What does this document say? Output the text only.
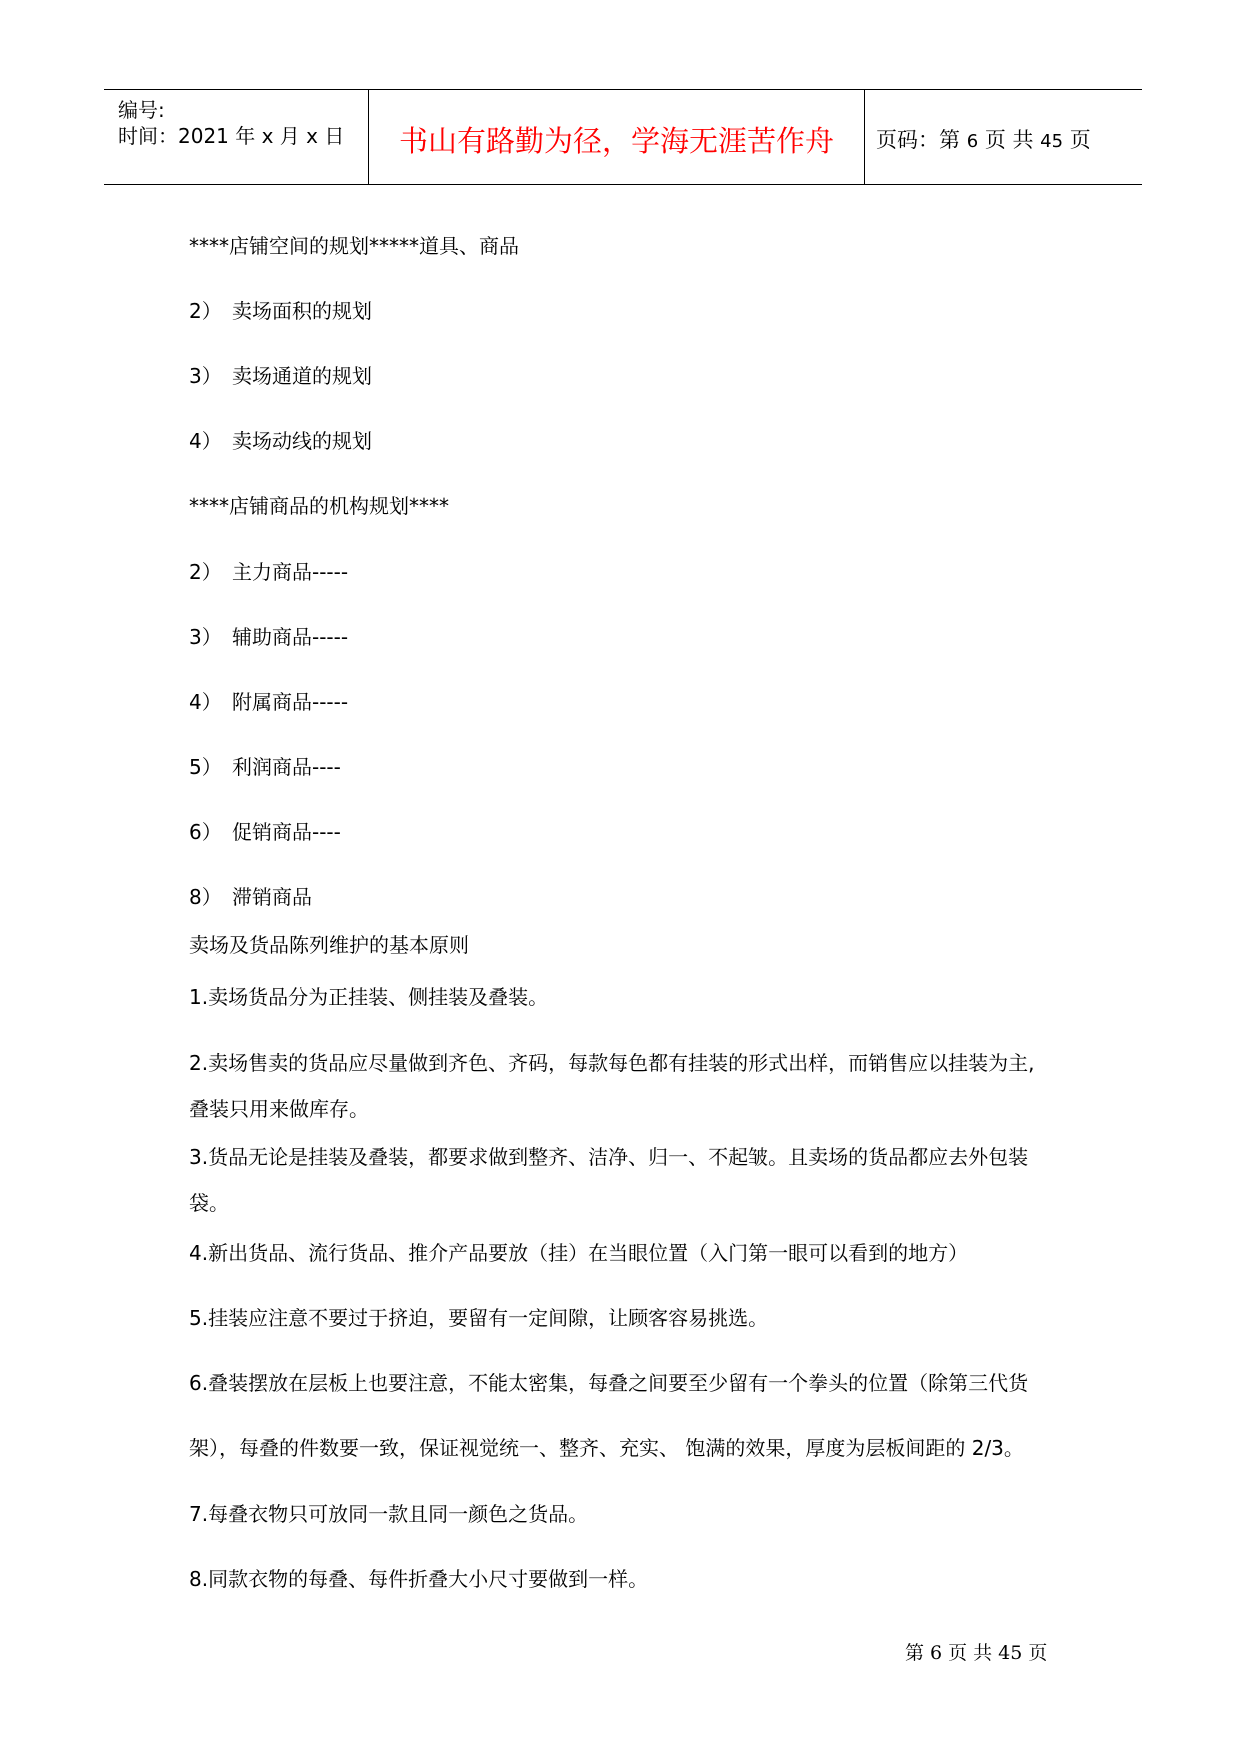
编号:
时间：2021 年 x 月 x 日	书山有路勤为径，学海无涯苦作舟	页码：第 6 页 共 45 页
****店铺空间的规划*****道具、商品
2） 卖场面积的规划
3） 卖场通道的规划
4） 卖场动线的规划
****店铺商品的机构规划****
2） 主力商品-----
3） 辅助商品-----
4） 附属商品-----
5） 利润商品----
6） 促销商品----
8） 滞销商品
卖场及货品陈列维护的基本原则
1.卖场货品分为正挂装、侧挂装及叠装。
2.卖场售卖的货品应尽量做到齐色、齐码，每款每色都有挂装的形式出样，而销售应以挂装为主,
叠装只用来做库存。
3.货品无论是挂装及叠装，都要求做到整齐、洁净、归一、不起皱。且卖场的货品都应去外包装
袋。
4.新出货品、流行货品、推介产品要放（挂）在当眼位置（入门第一眼可以看到的地方）
5.挂装应注意不要过于挤迫，要留有一定间隙，让顾客容易挑选。
6.叠装摆放在层板上也要注意，不能太密集，每叠之间要至少留有一个拳头的位置（除第三代货
架），每叠的件数要一致，保证视觉统一、整齐、充实、 饱满的效果，厚度为层板间距的 2/3。
7.每叠衣物只可放同一款且同一颜色之货品。
8.同款衣物的每叠、每件折叠大小尺寸要做到一样。
第 6 页 共 45 页
